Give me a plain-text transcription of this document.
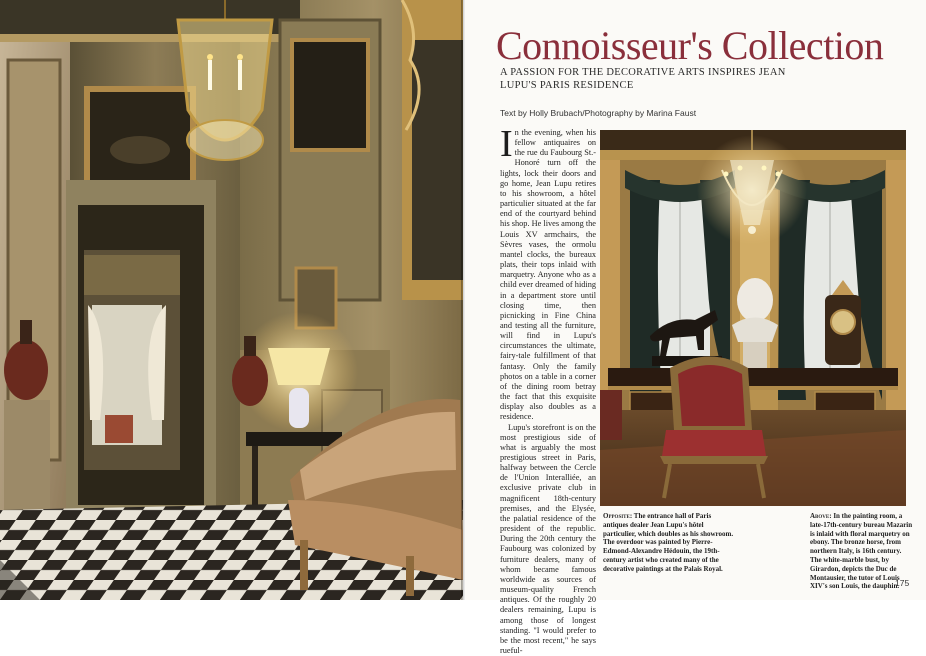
Connoisseur's Collection
A PASSION FOR THE DECORATIVE ARTS INSPIRES JEAN LUPU'S PARIS RESIDENCE
Text by Holly Brubach/Photography by Marina Faust

In the evening, when his fellow antiquaires on the rue du Faubourg St.-Honoré turn off the lights, lock their doors and go home, Jean Lupu retires to his showroom, a hôtel particulier situated at the far end of the courtyard behind his shop. He lives among the Louis XV armchairs, the Sèvres vases, the ormolu mantel clocks, the bureaux plats, their tops inlaid with marquetry. Anyone who as a child ever dreamed of hiding in a department store until closing time, then picnicking in Fine China and testing all the furniture, will find in Lupu's circumstances the ultimate, fairy-tale fulfillment of that fantasy. Only the family photos on a table in a corner of the dining room betray the fact that this exquisite display also doubles as a residence.

Lupu's storefront is on the most prestigious side of what is arguably the most prestigious street in Paris, halfway between the Cercle de l'Union Interalliée, an exclusive private club in magnificent 18th-century premises, and the Elysée, the palatial residence of the president of the republic. During the 20th century the Faubourg was colonized by furniture dealers, many of whom became famous worldwide as sources of museum-quality French antiques. Of the roughly 20 dealers remaining, Lupu is among those of longest standing. "I would prefer to be the most recent," he says rueful-

Opposite: The entrance hall of Paris antiques dealer Jean Lupu's hôtel particulier, which doubles as his showroom. The overdoor was painted by Pierre-Edmond-Alexandre Hédouin, the 19th-century artist who created many of the decorative paintings at the Palais Royal.
Above: In the painting room, a late-17th-century bureau Mazarin is inlaid with floral marquetry on ebony. The bronze horse, from northern Italy, is 16th century. The white-marble bust, by Girardon, depicts the Duc de Montausier, the tutor of Louis XIV's son Louis, the dauphin.
175
